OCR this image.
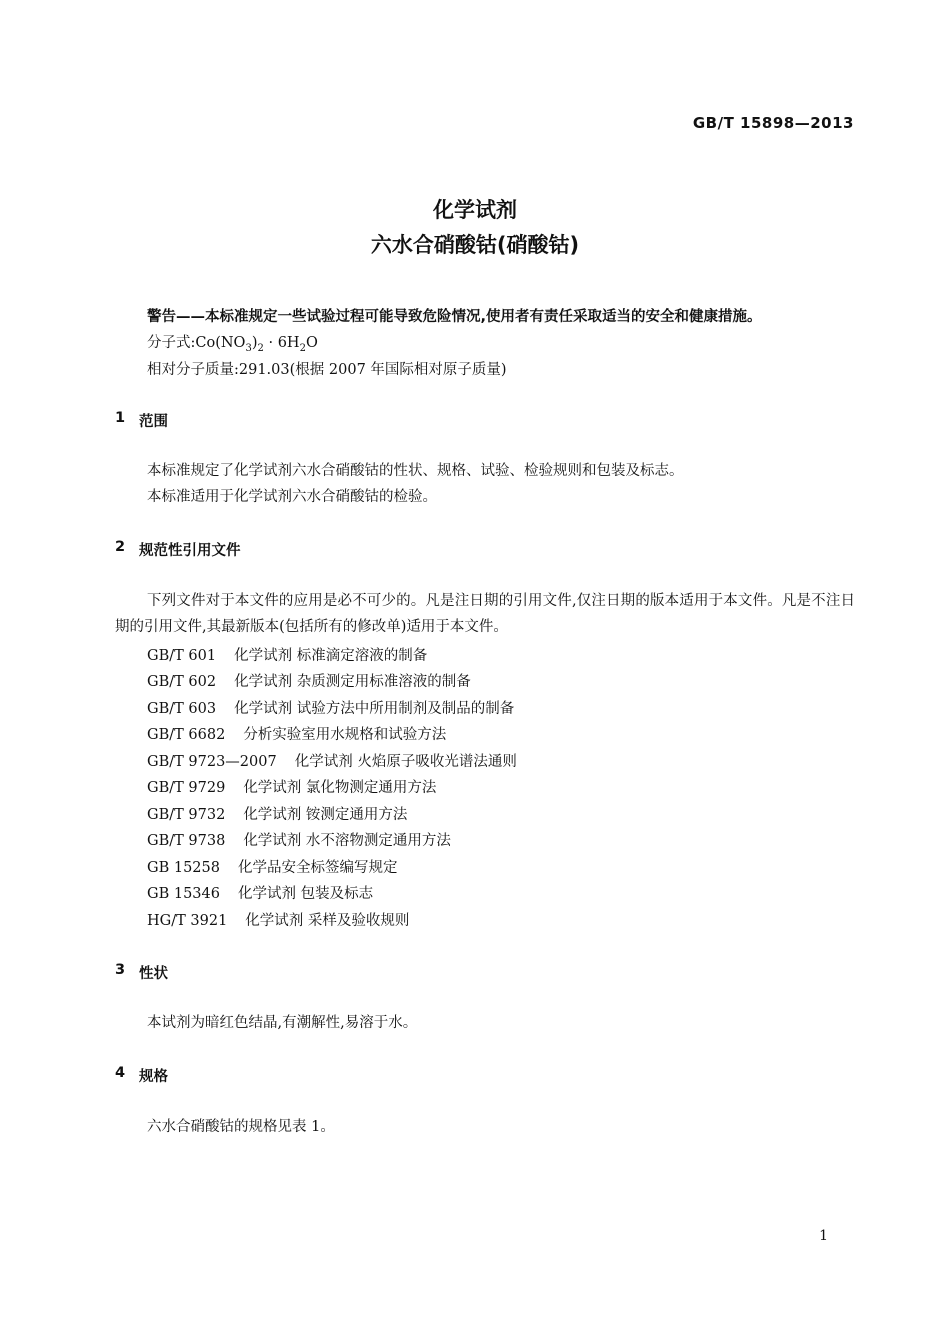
GB/T 15898—2013
化学试剂
六水合硝酸钴(硝酸钴)
警告——本标准规定一些试验过程可能导致危险情况,使用者有责任采取适当的安全和健康措施。
分子式$:Co(NO_3)_2 \cdot 6H_2O$
相对分子质量:291.03(根据 2007 年国际相对原子质量)
1 范围
本标准规定了化学试剂六水合硝酸钴的性状、规格、试验、检验规则和包装及标志。
本标准适用于化学试剂六水合硝酸钴的检验。
2 规范性引用文件
下列文件对于本文件的应用是必不可少的。凡是注日期的引用文件,仅注日期的版本适用于本文件。凡是不注日期的引用文件,其最新版本(包括所有的修改单)适用于本文件。
GB/T 601 化学试剂 标准滴定溶液的制备
GB/T 602 化学试剂 杂质测定用标准溶液的制备
GB/T 603 化学试剂 试验方法中所用制剂及制品的制备
GB/T 6682 分析实验室用水规格和试验方法
GB/T 9723—2007 化学试剂 火焰原子吸收光谱法通则
GB/T 9729 化学试剂 氯化物测定通用方法
GB/T 9732 化学试剂 铵测定通用方法
GB/T 9738 化学试剂 水不溶物测定通用方法
GB 15258 化学品安全标签编写规定
GB 15346 化学试剂 包装及标志
HG/T 3921 化学试剂 采样及验收规则
3 性状
本试剂为暗红色结晶,有潮解性,易溶于水。
4 规格
六水合硝酸钴的规格见表 1。
1
